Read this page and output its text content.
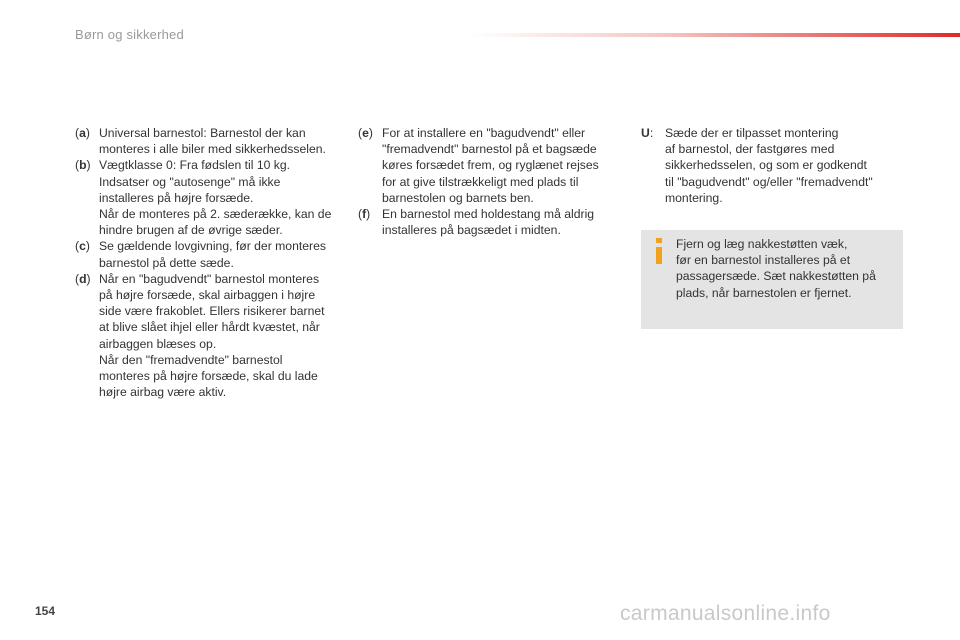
Børn og sikkerhed
(a) Universal barnestol: Barnestol der kan
monteres i alle biler med sikkerhedsselen.
(b) Vægtklasse 0: Fra fødslen til 10 kg.
Indsatser og "autosenge" må ikke
installeres på højre forsæde.
Når de monteres på 2. sæderække, kan de
hindre brugen af de øvrige sæder.
(c) Se gældende lovgivning, før der monteres
barnestol på dette sæde.
(d) Når en "bagudvendt" barnestol monteres
på højre forsæde, skal airbaggen i højre
side være frakoblet. Ellers risikerer barnet
at blive slået ihjel eller hårdt kvæstet, når
airbaggen blæses op.
Når den "fremadvendte" barnestol
monteres på højre forsæde, skal du lade
højre airbag være aktiv.
(e) For at installere en "bagudvendt" eller
"fremadvendt" barnestol på et bagsæde
køres forsædet frem, og ryglænet rejses
for at give tilstrækkeligt med plads til
barnestolen og barnets ben.
(f) En barnestol med holdestang må aldrig
installeres på bagsædet i midten.
U: Sæde der er tilpasset montering
af barnestol, der fastgøres med
sikkerhedsselen, og som er godkendt
til "bagudvendt" og/eller "fremadvendt"
montering.
Fjern og læg nakkestøtten væk,
før en barnestol installeres på et
passagersæde. Sæt nakkestøtten på
plads, når barnestolen er fjernet.
154	carmanualsonline.info
